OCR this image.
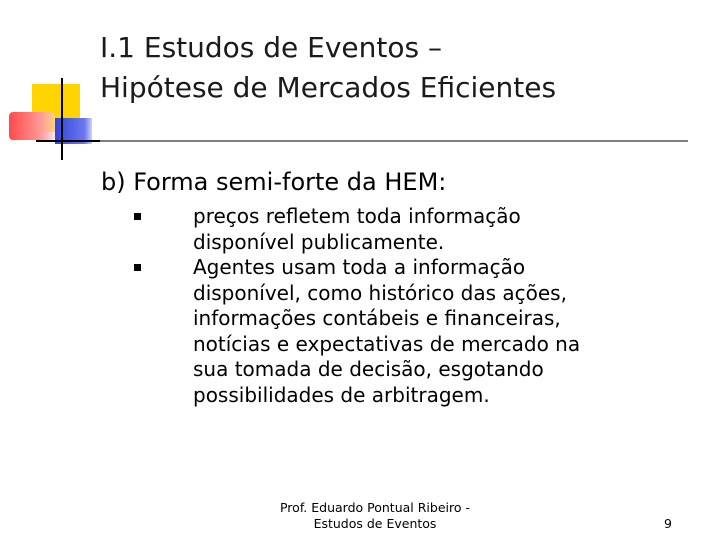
I.1 Estudos de Eventos –
Hipótese de Mercados Eficientes
b) Forma semi-forte da HEM:
preços refletem toda informação
disponível publicamente.
Agentes usam toda a informação
disponível, como histórico das ações,
informações contábeis e financeiras,
notícias e expectativas de mercado na
sua tomada de decisão, esgotando
possibilidades de arbitragem.
Prof. Eduardo Pontual Ribeiro -
Estudos de Eventos	9
